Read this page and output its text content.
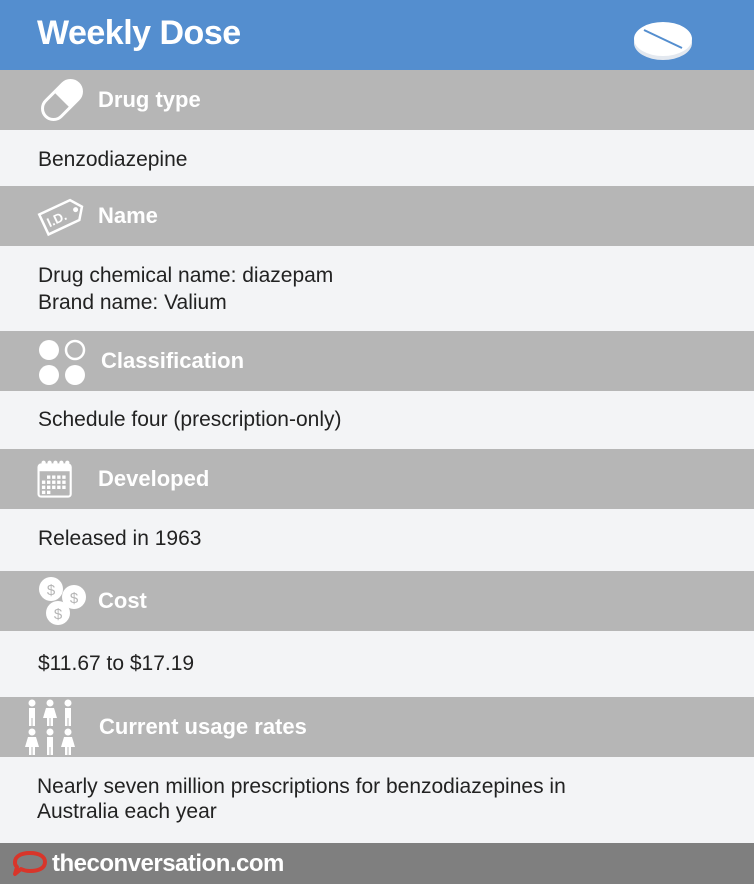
Weekly Dose
Drug type
Benzodiazepine
I.D. Name
Drug chemical name: diazepam
Brand name: Valium
Classification
Schedule four (prescription-only)
Developed
Released in 1963
$ $
$
Cost
$11.67 to $17.19
Current usage rates
Nearly seven million prescriptions for benzodiazepines in
Australia each year
theconversation.com
